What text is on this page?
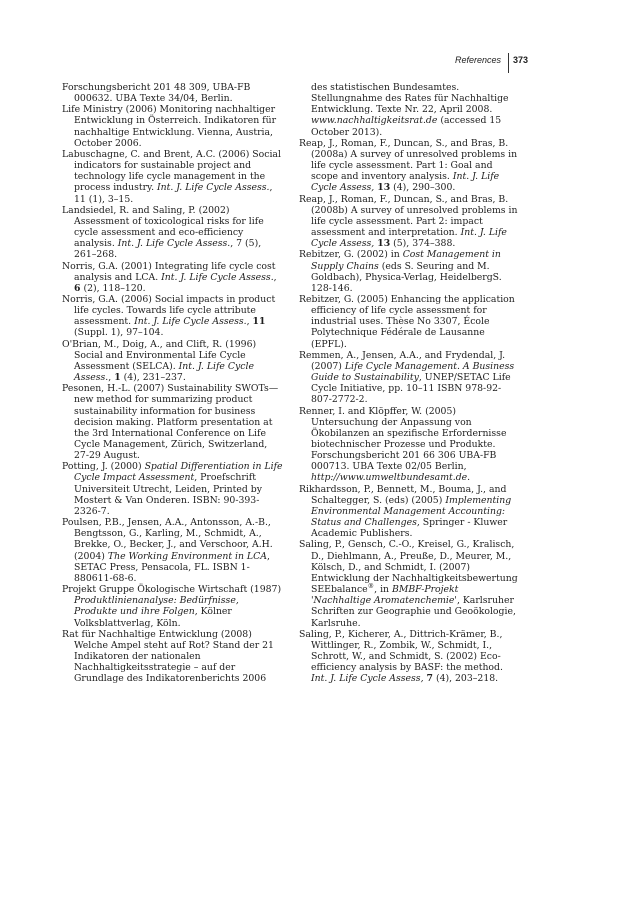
References 373

Forschungsbericht 201 48 309, UBA-FB 000632. UBA Texte 34/04, Berlin.

Life Ministry (2006) Monitoring nachhaltiger Entwicklung in Österreich. Indikatoren für nachhaltige Entwicklung. Vienna, Austria, October 2006.

Labuschagne, C. and Brent, A.C. (2006) Social indicators for sustainable project and technology life cycle management in the process industry. Int. J. Life Cycle Assess., 11 (1), 3–15.

Landsiedel, R. and Saling, P. (2002) Assessment of toxicological risks for life cycle assessment and eco-efficiency analysis. Int. J. Life Cycle Assess., 7 (5), 261–268.

Norris, G.A. (2001) Integrating life cycle cost analysis and LCA. Int. J. Life Cycle Assess., 6 (2), 118–120.

Norris, G.A. (2006) Social impacts in product life cycles. Towards life cycle attribute assessment. Int. J. Life Cycle Assess., 11 (Suppl. 1), 97–104.

O'Brian, M., Doig, A., and Clift, R. (1996) Social and Environmental Life Cycle Assessment (SELCA). Int. J. Life Cycle Assess., 1 (4), 231–237.

Pesonen, H.-L. (2007) Sustainability SWOTs—new method for summarizing product sustainability information for business decision making. Platform presentation at the 3rd International Conference on Life Cycle Management, Zürich, Switzerland, 27-29 August.

Potting, J. (2000) Spatial Differentiation in Life Cycle Impact Assessment, Proefschrift Universiteit Utrecht, Leiden, Printed by Mostert & Van Onderen. ISBN: 90-393-2326-7.

Poulsen, P.B., Jensen, A.A., Antonsson, A.-B., Bengtsson, G., Karling, M., Schmidt, A., Brekke, O., Becker, J., and Verschoor, A.H. (2004) The Working Environment in LCA, SETAC Press, Pensacola, FL. ISBN 1-880611-68-6.

Projekt Gruppe Ökologische Wirtschaft (1987) Produktlinienanalyse: Bedürfnisse, Produkte und ihre Folgen, Kölner Volksblattverlag, Köln.

Rat für Nachhaltige Entwicklung (2008) Welche Ampel steht auf Rot? Stand der 21 Indikatoren der nationalen Nachhaltigkeitsstrategie – auf der Grundlage des Indikatorenberichts 2006

des statistischen Bundesamtes. Stellungnahme des Rates für Nachhaltige Entwicklung. Texte Nr. 22, April 2008. www.nachhaltigkeitsrat.de (accessed 15 October 2013).

Reap, J., Roman, F., Duncan, S., and Bras, B. (2008a) A survey of unresolved problems in life cycle assessment. Part 1: Goal and scope and inventory analysis. Int. J. Life Cycle Assess, 13 (4), 290–300.

Reap, J., Roman, F., Duncan, S., and Bras, B. (2008b) A survey of unresolved problems in life cycle assessment. Part 2: impact assessment and interpretation. Int. J. Life Cycle Assess, 13 (5), 374–388.

Rebitzer, G. (2002) in Cost Management in Supply Chains (eds S. Seuring and M. Goldbach), Physica-Verlag, HeidelbergS. 128-146.

Rebitzer, G. (2005) Enhancing the application efficiency of life cycle assessment for industrial uses. Thèse No 3307, École Polytechnique Fédérale de Lausanne (EPFL).

Remmen, A., Jensen, A.A., and Frydendal, J. (2007) Life Cycle Management. A Business Guide to Sustainability, UNEP/SETAC Life Cycle Initiative, pp. 10–11 ISBN 978-92-807-2772-2.

Renner, I. and Klöpffer, W. (2005) Untersuchung der Anpassung von Ökobilanzen an spezifische Erfordernisse biotechnischer Prozesse und Produkte. Forschungsbericht 201 66 306 UBA-FB 000713. UBA Texte 02/05 Berlin, http://www.umweltbundesamt.de.

Rikhardsson, P., Bennett, M., Bouma, J., and Schaltegger, S. (eds) (2005) Implementing Environmental Management Accounting: Status and Challenges, Springer - Kluwer Academic Publishers.

Saling, P., Gensch, C.-O., Kreisel, G., Kralisch, D., Diehlmann, A., Preuße, D., Meurer, M., Kölsch, D., and Schmidt, I. (2007) Entwicklung der Nachhaltigkeitsbewertung SEEbalance®, in BMBF-Projekt 'Nachhaltige Aromatenchemie', Karlsruher Schriften zur Geographie und Geoökologie, Karlsruhe.

Saling, P., Kicherer, A., Dittrich-Krämer, B., Wittlinger, R., Zombik, W., Schmidt, I., Schrott, W., and Schmidt, S. (2002) Eco-efficiency analysis by BASF: the method. Int. J. Life Cycle Assess, 7 (4), 203–218.
